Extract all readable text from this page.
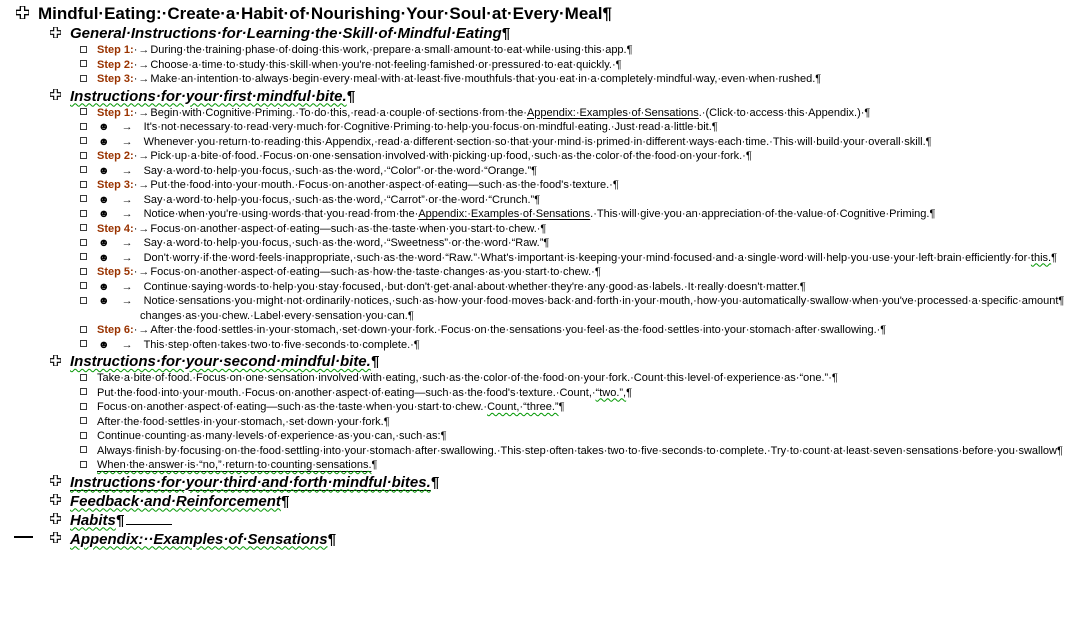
Mindful·Eating:·Create·a·Habit·of·Nourishing·Your·Soul·at·Every·Meal¶
General·Instructions·for·Learning·the·Skill·of·Mindful·Eating¶
Step 1:·→During·the·training·phase·of·doing·this·work,·prepare·a·small·amount·to·eat·while·using·this·app.¶
Step 2:·→Choose·a·time·to·study·this·skill·when·you're·not·feeling·famished·or·pressured·to·eat·quickly.·¶
Step 3:·→Make·an·intention·to·always·begin·every·meal·with·at·least·five·mouthfuls·that·you·eat·in·a·completely·mindful·way,·even·when·rushed.¶
Instructions·for·your·first·mindful·bite.¶
Step 1:·→Begin·with·Cognitive·Priming.·To·do·this,·read·a·couple·of·sections·from·the·Appendix:·Examples·of·Sensations.·(Click·to·access·this·Appendix.)·¶
☻ → It's·not·necessary·to·read·very·much·for·Cognitive·Priming·to·help·you·focus·on·mindful·eating.·Just·read·a·little·bit.¶
☻ → Whenever·you·return·to·reading·this·Appendix,·read·a·different·section·so·that·your·mind·is·primed·in·different·ways·each·time.·This·will·build·your·overall·skill.¶
Step 2:·→Pick·up·a·bite·of·food.·Focus·on·one·sensation·involved·with·picking·up·food,·such·as·the·color·of·the·food·on·your·fork.·¶
☻ → Say·a·word·to·help·you·focus,·such·as·the·word,·“Color”·or·the·word·“Orange.”¶
Step 3:·→Put·the·food·into·your·mouth.·Focus·on·another·aspect·of·eating—such·as·the·food's·texture.·¶
☻ → Say·a·word·to·help·you·focus,·such·as·the·word,·“Carrot”·or·the·word·“Crunch.”¶
☻ → Notice·when·you're·using·words·that·you·read·from·the·Appendix:·Examples·of·Sensations.·This·will·give·you·an·appreciation·of·the·value·of·Cognitive·Priming.¶
Step 4:·→Focus·on·another·aspect·of·eating—such·as·the·taste·when·you·start·to·chew.·¶
☻ → Say·a·word·to·help·you·focus,·such·as·the·word,·“Sweetness”·or·the·word·“Raw.”¶
☻ → Don't·worry·if·the·word·feels·inappropriate,·such·as·the·word·“Raw.”·What's·important·is·keeping·your·mind·focused·and·a·single·word·will·help·you·use·your·left·brain·efficiently·for·this.¶
Step 5:·→Focus·on·another·aspect·of·eating—such·as·how·the·taste·changes·as·you·start·to·chew.·¶
☻ → Continue·saying·words·to·help·you·stay·focused,·but·don't·get·anal·about·whether·they're·any·good·as·labels.·It·really·doesn't·matter.¶
☻ → Notice·sensations·you·might·not·ordinarily·notices,·such·as·how·your·food·moves·back·and·forth·in·your·mouth,·how·you·automatically·swallow·when·you've·processed·a·specific·amount¶
changes·as·you·chew.·Label·every·sensation·you·can.¶
Step 6:·→After·the·food·settles·in·your·stomach,·set·down·your·fork.·Focus·on·the·sensations·you·feel·as·the·food·settles·into·your·stomach·after·swallowing.·¶
☻ → This·step·often·takes·two·to·five·seconds·to·complete.·¶
Instructions·for·your·second·mindful·bite.¶
Take·a·bite·of·food.·Focus·on·one·sensation·involved·with·eating,·such·as·the·color·of·the·food·on·your·fork.·Count·this·level·of·experience·as·“one.”·¶
Put·the·food·into·your·mouth.·Focus·on·another·aspect·of·eating—such·as·the·food's·texture.·Count,·“two.”,¶
Focus·on·another·aspect·of·eating—such·as·the·taste·when·you·start·to·chew.·Count,·“three.”¶
After·the·food·settles·in·your·stomach,·set·down·your·fork.¶
Continue·counting·as·many·levels·of·experience·as·you·can,·such·as:¶
Always·finish·by·focusing·on·the·food·settling·into·your·stomach·after·swallowing.·This·step·often·takes·two·to·five·seconds·to·complete.·Try·to·count·at·least·seven·sensations·before·you·swallow¶
When·the·answer·is·“no,”·return·to·counting·sensations.¶
Instructions·for·your·third·and·forth·mindful·bites.¶
Feedback·and·Reinforcement¶
Habits¶
Appendix:··Examples·of·Sensations¶
